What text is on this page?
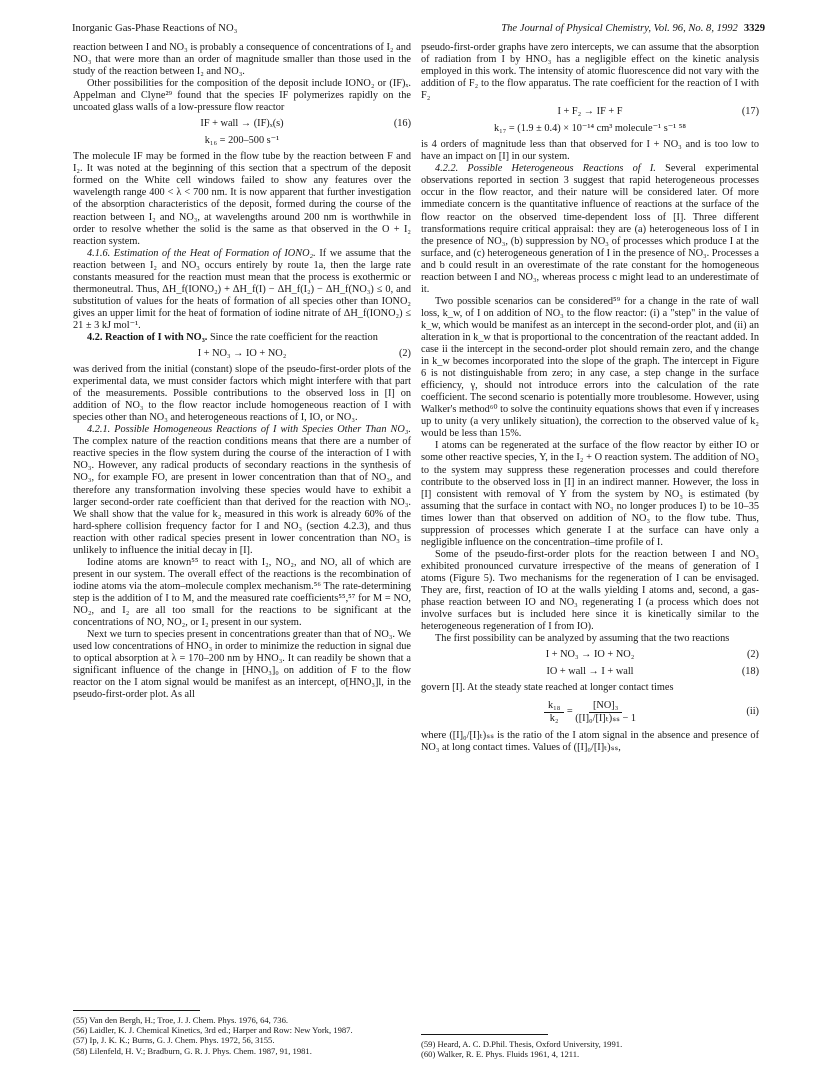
Inorganic Gas-Phase Reactions of NO₃	The Journal of Physical Chemistry, Vol. 96, No. 8, 1992 3329

reaction between I and NO₃ is probably a consequence of concentrations of I₂ and NO₃ that were more than an order of magnitude smaller than those used in the study of the reaction between I₂ and NO₃.

Other possibilities for the composition of the deposit include IONO₂ or (IF)ₓ. Appelman and Clyne²⁹ found that the species IF polymerizes rapidly on the uncoated glass walls of a low-pressure flow reactor

IF + wall → (IF)ₓ(s)	(16)
k₁₆ = 200–500 s⁻¹

The molecule IF may be formed in the flow tube by the reaction between F and I₂. It was noted at the beginning of this section that a spectrum of the deposit formed on the White cell windows failed to show any features over the wavelength range 400 < λ < 700 nm. It is now apparent that further investigation of the absorption characteristics of the deposit, formed during the course of the reaction between I₂ and NO₃, at wavelengths around 200 nm is worthwhile in order to resolve whether the solid is the same as that observed in the O + I₂ reaction system.

4.1.6. Estimation of the Heat of Formation of IONO₂. If we assume that the reaction between I₂ and NO₃ occurs entirely by route 1a, then the large rate constants measured for the reaction must mean that the process is exothermic or thermoneutral. Thus, ΔH_f(IONO₂) + ΔH_f(I) − ΔH_f(I₂) − ΔH_f(NO₃) ≤ 0, and substitution of values for the heats of formation of all species other than IONO₂ gives an upper limit for the heat of formation of iodine nitrate of ΔH_f(IONO₂) ≤ 21 ± 3 kJ mol⁻¹.

4.2. Reaction of I with NO₃. Since the rate coefficient for the reaction

I + NO₃ → IO + NO₂	(2)

was derived from the initial (constant) slope of the pseudo-first-order plots of the experimental data, we must consider factors which might interfere with that part of the measurements. Possible contributions to the observed loss in [I] on addition of NO₃ to the flow reactor include homogeneous reaction of I with species other than NO₃ and heterogeneous reactions of I, IO, or NO₃.

4.2.1. Possible Homogeneous Reactions of I with Species Other Than NO₃. The complex nature of the reaction conditions means that there are a number of reactive species in the flow system during the course of the interaction of I with NO₃. However, any radical products of secondary reactions in the synthesis of NO₃, for example FO, are present in lower concentration than that of NO₃, and therefore any transformation involving these species would have to exhibit a larger second-order rate coefficient than that derived for the reaction with NO₃. We shall show that the value for k₂ measured in this work is already 60% of the hard-sphere collision frequency factor for I and NO₃ (section 4.2.3), and thus reaction with other radical species present in lower concentration than NO₃ is unlikely to influence the initial decay in [I].

Iodine atoms are known⁵⁵ to react with I₂, NO₂, and NO, all of which are present in our system. The overall effect of the reactions is the recombination of iodine atoms via the atom–molecule complex mechanism.⁵⁶ The rate-determining step is the addition of I to M, and the measured rate coefficients⁵⁵,⁵⁷ for M = NO, NO₂, and I₂ are all too small for the reactions to be significant at the concentrations of NO, NO₂, or I₂ present in our system.

Next we turn to species present in concentrations greater than that of NO₃. We used low concentrations of HNO₃ in order to minimize the reduction in signal due to optical absorption at λ = 170–200 nm by HNO₃. It can readily be shown that a significant influence of the change in [HNO₃]₀ on addition of F to the flow reactor on the I atom signal would be manifest as an intercept, σ[HNO₃]l, in the pseudo-first-order plot. As all

(55) Van den Bergh, H.; Troe, J. J. Chem. Phys. 1976, 64, 736.
(56) Laidler, K. J. Chemical Kinetics, 3rd ed.; Harper and Row: New York, 1987.
(57) Ip, J. K. K.; Burns, G. J. Chem. Phys. 1972, 56, 3155.
(58) Lilenfeld, H. V.; Bradburn, G. R. J. Phys. Chem. 1987, 91, 1981.

pseudo-first-order graphs have zero intercepts, we can assume that the absorption of radiation from I by HNO₃ has a negligible effect on the kinetic analysis employed in this work. The intensity of atomic fluorescence did not vary with the addition of F₂ to the flow apparatus. The rate coefficient for the reaction of I with F₂

I + F₂ → IF + F	(17)
k₁₇ = (1.9 ± 0.4) × 10⁻¹⁴ cm³ molecule⁻¹ s⁻¹ ⁵⁸

is 4 orders of magnitude less than that observed for I + NO₃ and is too low to have an impact on [I] in our system.

4.2.2. Possible Heterogeneous Reactions of I. Several experimental observations reported in section 3 suggest that rapid heterogeneous processes occur in the flow reactor, and their nature will be considered later. Of more immediate concern is the quantitative influence of reactions at the surface of the flow reactor on the observed time-dependent loss of [I]. Three different transformations require critical appraisal: they are (a) heterogeneous loss of I in the presence of NO₃, (b) suppression by NO₃ of processes which produce I at the surface, and (c) heterogeneous generation of I in the presence of NO₃. Processes a and b could result in an overestimate of the rate constant for the homogeneous reaction between I and NO₃, whereas process c might lead to an underestimate of it.

Two possible scenarios can be considered⁵⁹ for a change in the rate of wall loss, k_w, of I on addition of NO₃ to the flow reactor: (i) a "step" in the value of k_w, which would be manifest as an intercept in the second-order plot, and (ii) an alteration in k_w that is proportional to the concentration of the reactant added. In case ii the intercept in the second-order plot should remain zero, and the change in k_w becomes incorporated into the slope of the graph. The intercept in Figure 6 is not distinguishable from zero; in any case, a step change in the surface efficiency, γ, should not introduce errors into the calculation of the rate coefficient. The second scenario is potentially more troublesome. However, using Walker's method⁶⁰ to solve the continuity equations shows that even if γ increases up to unity (a very unlikely situation), the correction to the observed value of k₂ would be less than 15%.

I atoms can be regenerated at the surface of the flow reactor by either IO or some other reactive species, Y, in the I₂ + O reaction system. The addition of NO₃ to the system may suppress these regeneration processes and could therefore contribute to the observed loss in [I] in an indirect manner. However, the loss in [I] consistent with removal of Y from the system by NO₃ is estimated (by assuming that the surface in contact with NO₃ no longer produces I) to be 10–35 times lower than that observed on addition of NO₃ to the flow tube. Thus, suppression of processes which generate I at the surface can have only a negligible influence on the concentration–time profile of I.

Some of the pseudo-first-order plots for the reaction between I and NO₃ exhibited pronounced curvature irrespective of the means of generation of I atoms (Figure 5). Two mechanisms for the regeneration of I can be envisaged. They are, first, reaction of IO at the walls yielding I atoms and, second, a gas-phase reaction between IO and NO₃ regenerating I (a process which does not involve surfaces but is included here since it is kinetically similar to the heterogeneous regeneration of I from IO).

The first possibility can be analyzed by assuming that the two reactions

I + NO₃ → IO + NO₂	(2)
IO + wall → I + wall	(18)

govern [I]. At the steady state reached at longer contact times

$\frac{\text{k₁₈}}{\text{k₂}} = \frac{\text{[NO]₃}}{\text{([I]₀/[I]ₜ)ₛₛ − 1}}$	(ii)

where ([I]₀/[I]ₜ)ₛₛ is the ratio of the I atom signal in the absence and presence of NO₃ at long contact times. Values of ([I]₀/[I]ₜ)ₛₛ,

(59) Heard, A. C. D.Phil. Thesis, Oxford University, 1991.
(60) Walker, R. E. Phys. Fluids 1961, 4, 1211.
